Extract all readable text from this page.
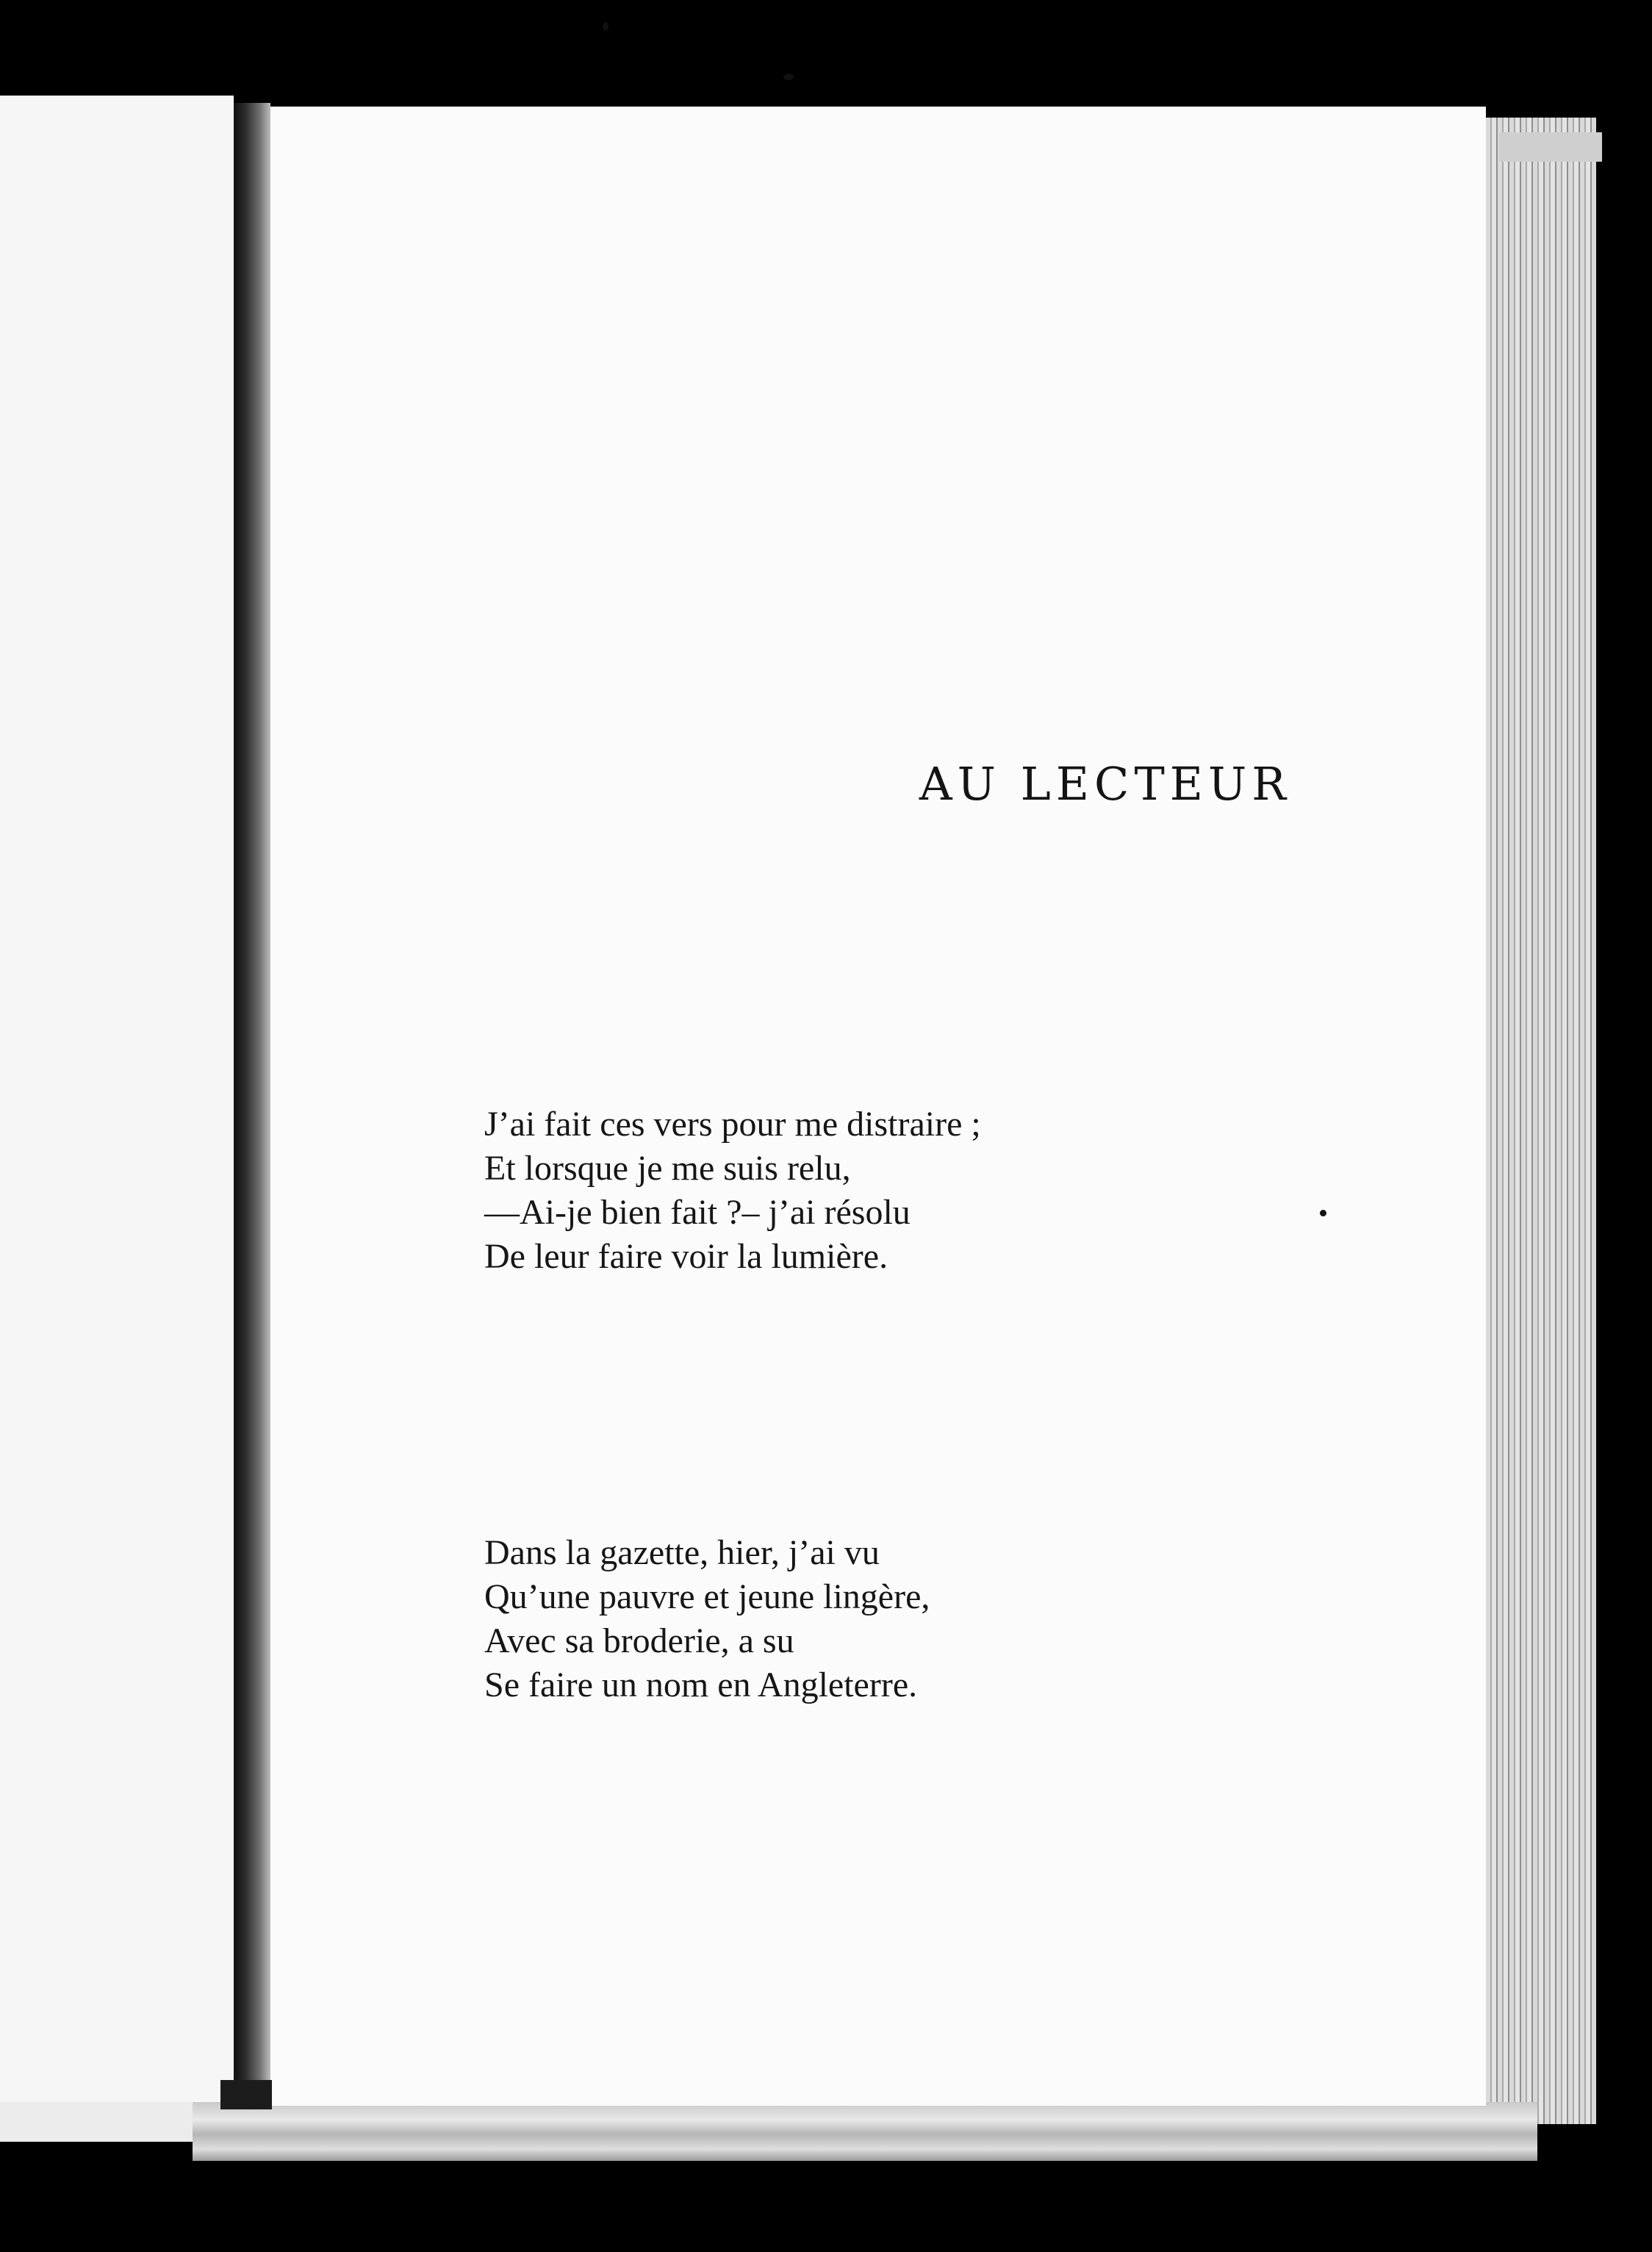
AU LECTEUR
J’ai fait ces vers pour me distraire ;
Et lorsque je me suis relu,
—Ai-je bien fait ?– j’ai résolu
De leur faire voir la lumière.
Dans la gazette, hier, j’ai vu
Qu’une pauvre et jeune lingère,
Avec sa broderie, a su
Se faire un nom en Angleterre.
